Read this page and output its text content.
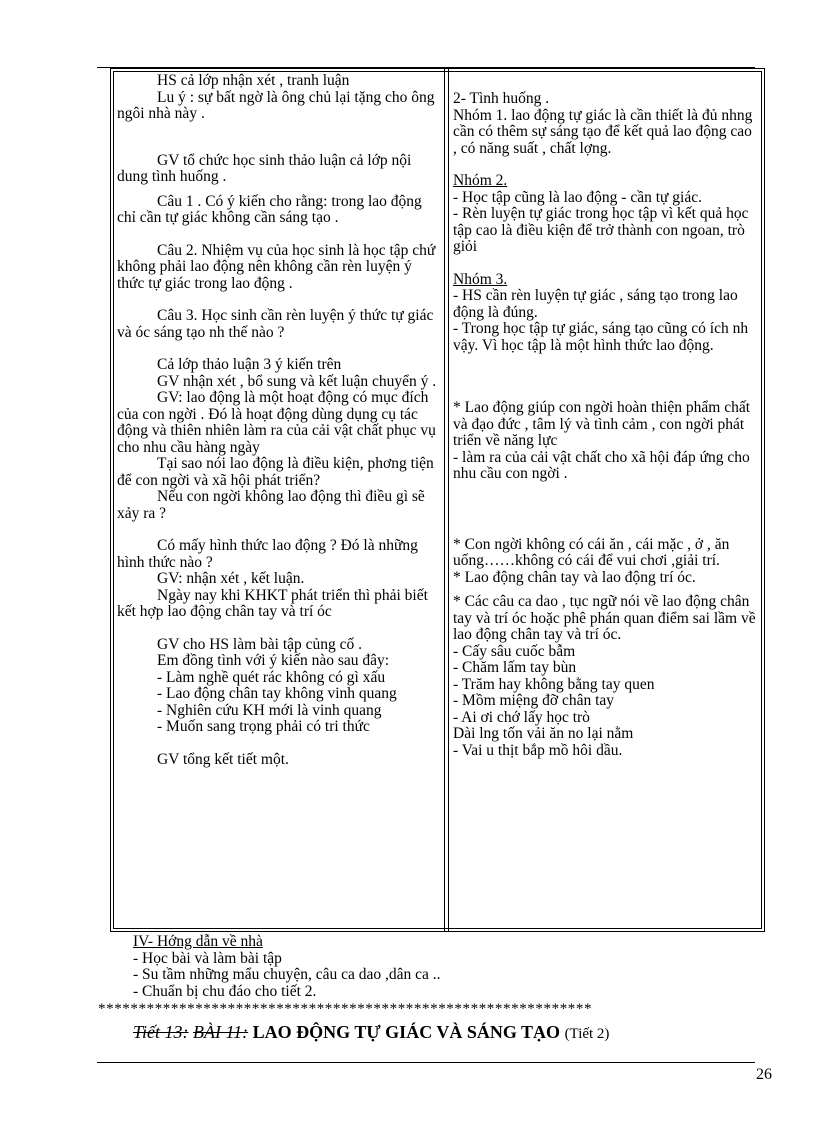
HS cả lớp nhận xét , tranh luận

Lu ý : sự bất ngờ là ông chủ lại tặng cho ông ngôi nhà này .

GV tổ chức học sinh thảo luận cả lớp nội dung tình huống .

Câu 1 . Có ý kiến cho rằng: trong lao động chỉ cần tự giác không cần sáng tạo .

Câu 2. Nhiệm vụ của học sinh là học tập chứ không phải lao động nên không cần rèn luyện ý thức tự giác trong lao động .

Câu 3. Học sinh cần rèn luyện ý thức tự giác và óc sáng tạo nh thế nào ?

Cả lớp thảo luận 3 ý kiến trên

GV nhận xét , bổ sung và kết luận chuyển ý .

GV: lao động là một hoạt động có mục đích của con ngời . Đó là hoạt động dùng dụng cụ tác động và thiên nhiên làm ra của cải vật chất phục vụ cho nhu cầu hàng ngày

Tại sao nói lao động là điều kiện, phơng tiện để con ngời và xã hội phát triển?

Nếu con ngời không lao động thì điều gì sẽ xảy ra ?

Có mấy hình thức lao động ? Đó là những hình thức nào ?

GV: nhận xét , kết luận.

Ngày nay khi KHKT phát triển thì phải biết kết hợp lao động chân tay và trí óc

GV cho HS làm bài tập củng cố .

Em đồng tình với ý kiến nào sau đây:

- Làm nghề quét rác không có gì xấu

- Lao động chân tay không vinh quang

- Nghiên cứu KH mới là vinh quang

- Muốn sang trọng phải có tri thức

GV tổng kết tiết một.

2- Tình huống .

Nhóm 1. lao động tự giác là cần thiết là đủ nhng cần có thêm sự sáng tạo để kết quả lao động cao , có năng suất , chất lợng.

Nhóm 2.

- Học tập cũng là lao động - cần tự giác.

- Rèn luyện tự giác trong học tập vì kết quả học tập cao là điều kiện để trở thành con ngoan, trò giỏi

Nhóm 3.

- HS cần rèn luyện tự giác , sáng tạo trong lao động là đúng.

- Trong học tập tự giác, sáng tạo cũng có ích nh vậy. Vì học tập là một hình thức lao động.

* Lao động giúp con ngời hoàn thiện phẩm chất và đạo đức , tâm lý và tình cảm , con ngời phát triển về năng lực

- làm ra của cải vật chất cho xã hội đáp ứng cho nhu cầu con ngời .

* Con ngời không có cái ăn , cái mặc , ở , ăn uống……không có cái để vui chơi ,giải trí.

* Lao động chân tay và lao động trí óc.

* Các câu ca dao , tục ngữ nói về lao động chân tay và trí óc hoặc phê phán quan điểm sai lầm về lao động chân tay và trí óc.

- Cấy sâu cuốc bẫm

- Chăm lấm tay bùn

- Trăm hay không bằng tay quen

- Mồm miệng đỡ chân tay

- Ai ơi chớ lấy học trò

Dài lng tốn vải ăn no lại nằm

- Vai u thịt bắp mồ hôi dầu.

IV- Hớng dẫn về nhà

- Học bài và làm bài tập

- Su tầm những mẩu chuyện, câu ca dao ,dân ca ..

- Chuẩn bị chu đáo cho tiết 2.

*************************************************************
Tiết 13: BÀI 11: LAO ĐỘNG TỰ GIÁC VÀ SÁNG TẠO (Tiết 2)
26
